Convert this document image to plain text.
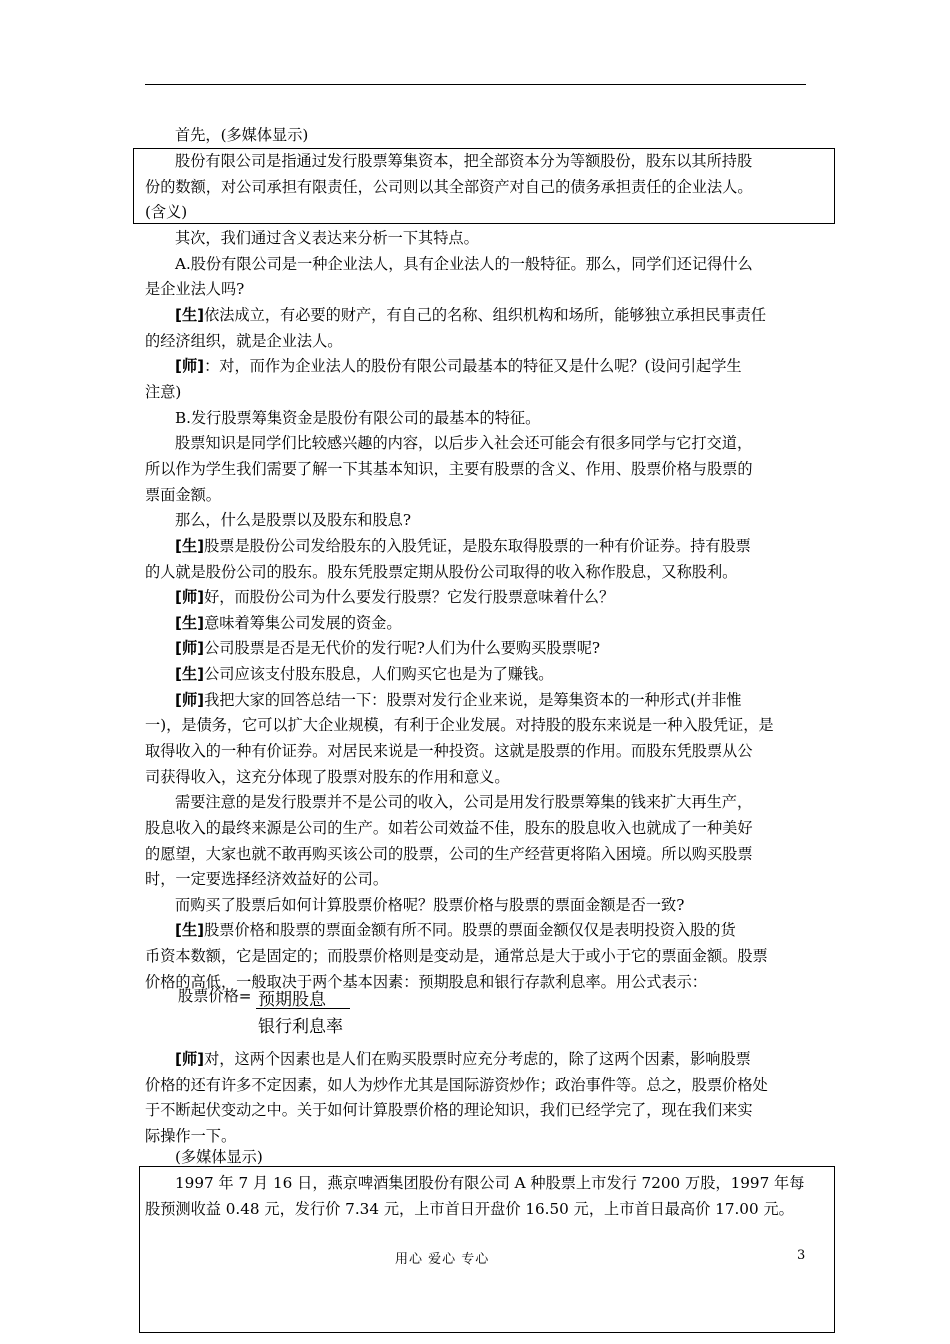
首先，(多媒体显示)
股份有限公司是指通过发行股票筹集资本，把全部资本分为等额股份，股东以其所持股
份的数额，对公司承担有限责任，公司则以其全部资产对自己的债务承担责任的企业法人。
(含义)
其次，我们通过含义表达来分析一下其特点。
A.股份有限公司是一种企业法人，具有企业法人的一般特征。那么，同学们还记得什么
是企业法人吗?
[生]依法成立，有必要的财产，有自己的名称、组织机构和场所，能够独立承担民事责任
的经济组织，就是企业法人。
[师]：对，而作为企业法人的股份有限公司最基本的特征又是什么呢？(设问引起学生
注意)
B.发行股票筹集资金是股份有限公司的最基本的特征。
股票知识是同学们比较感兴趣的内容，以后步入社会还可能会有很多同学与它打交道，
所以作为学生我们需要了解一下其基本知识，主要有股票的含义、作用、股票价格与股票的
票面金额。
那么，什么是股票以及股东和股息?
[生]股票是股份公司发给股东的入股凭证，是股东取得股票的一种有价证券。持有股票
的人就是股份公司的股东。股东凭股票定期从股份公司取得的收入称作股息，又称股利。
[师]好，而股份公司为什么要发行股票？它发行股票意味着什么？
[生]意味着筹集公司发展的资金。
[师]公司股票是否是无代价的发行呢?人们为什么要购买股票呢?
[生]公司应该支付股东股息，人们购买它也是为了赚钱。
[师]我把大家的回答总结一下：股票对发行企业来说，是筹集资本的一种形式(并非惟
一)，是债务，它可以扩大企业规模，有利于企业发展。对持股的股东来说是一种入股凭证，是
取得收入的一种有价证券。对居民来说是一种投资。这就是股票的作用。而股东凭股票从公
司获得收入，这充分体现了股票对股东的作用和意义。
需要注意的是发行股票并不是公司的收入，公司是用发行股票筹集的钱来扩大再生产，
股息收入的最终来源是公司的生产。如若公司效益不佳，股东的股息收入也就成了一种美好
的愿望，大家也就不敢再购买该公司的股票，公司的生产经营更将陷入困境。所以购买股票
时，一定要选择经济效益好的公司。
而购买了股票后如何计算股票价格呢？股票价格与股票的票面金额是否一致?
[生]股票价格和股票的票面金额有所不同。股票的票面金额仅仅是表明投资入股的货
币资本数额，它是固定的；而股票价格则是变动是，通常总是大于或小于它的票面金额。股票
价格的高低，一般取决于两个基本因素：预期股息和银行存款利息率。用公式表示：
股票价格= 预期股息
银行利息率
[师]对，这两个因素也是人们在购买股票时应充分考虑的，除了这两个因素，影响股票
价格的还有许多不定因素，如人为炒作尤其是国际游资炒作；政治事件等。总之，股票价格处
于不断起伏变动之中。关于如何计算股票价格的理论知识，我们已经学完了，现在我们来实
际操作一下。
(多媒体显示)
1997 年 7 月 16 日，燕京啤酒集团股份有限公司 A 种股票上市发行 7200 万股，1997 年每
股预测收益 0.48 元，发行价 7.34 元，上市首日开盘价 16.50 元，上市首日最高价 17.00 元。
用心 爱心 专心	3
